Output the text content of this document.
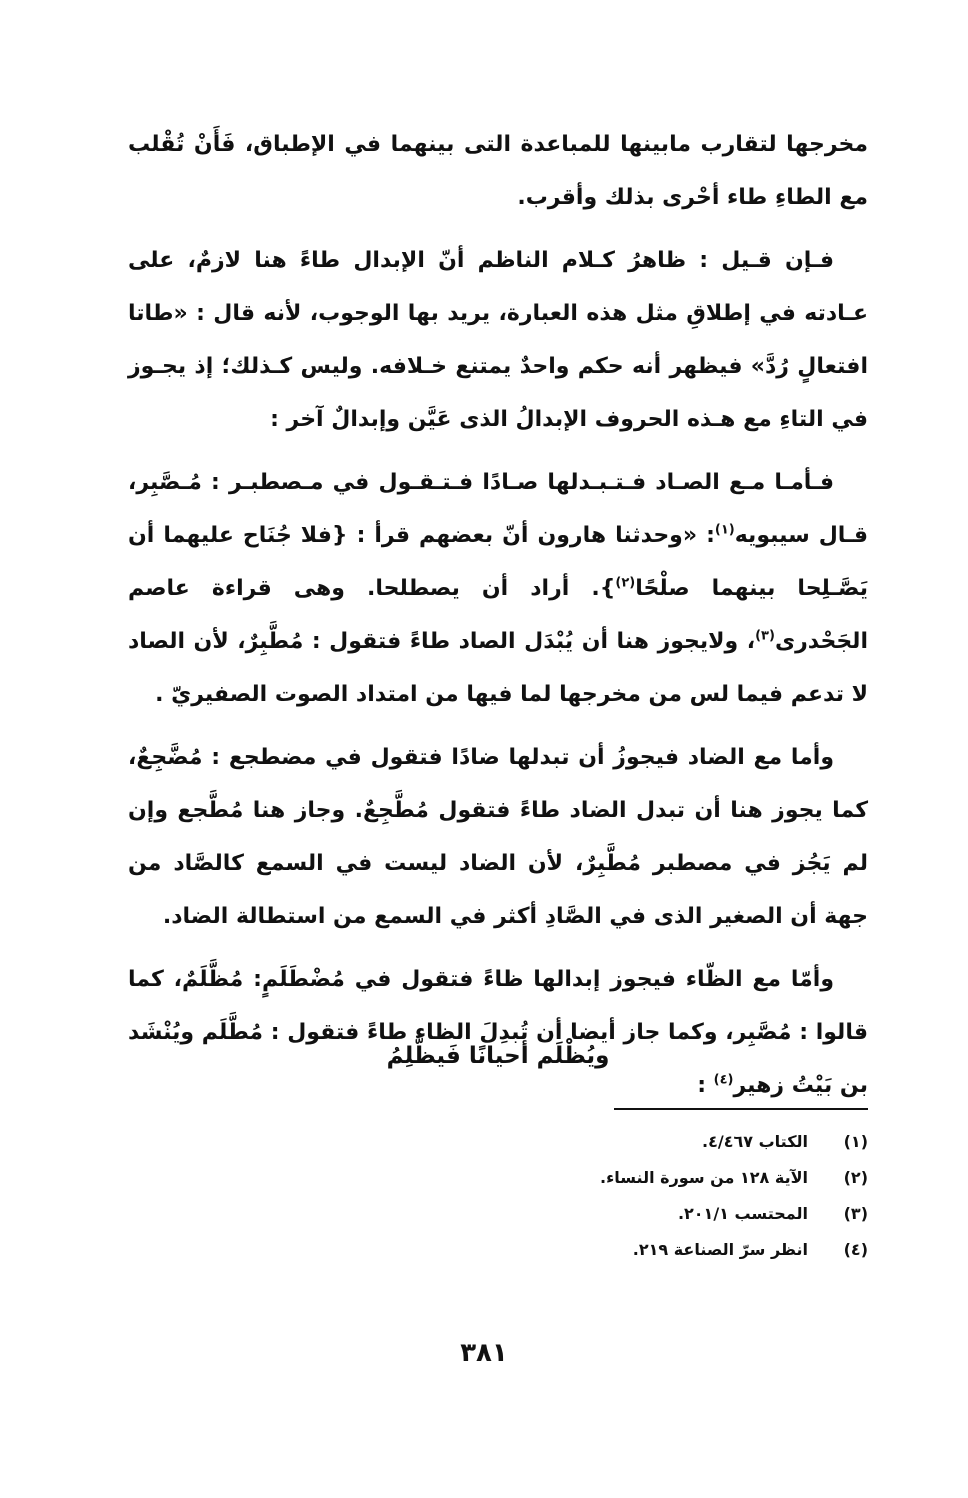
مخرجها لتقارب مابينها للمباعدة التى بينهما في الإطباق، فَأَنْ تُقْلب مع الطاءِ طاء أحْرى بذلك وأقرب.

فـإن قـيل : ظاهرُ كـلام الناظم أنّ الإبدال طاءً هنا لازمٌ، على عـادته في إطلاقِ مثل هذه العبارة، يريد بها الوجوب، لأنه قال : «طاتا افتعالٍ رُدَّ» فيظهر أنه حكم واحدٌ يمتنع خـلافه. وليس كـذلك؛ إذ يجـوز في التاءِ مع هـذه الحروف الإبدالُ الذى عَيَّن وإبدالٌ آخر :

فـأمـا مـع الصـاد فـتـبـدلها صـادًا فـتـقـول في مـصطبـر : مُـصَّبِر، قـال سيبويه$^{(١)}$: «وحدثنا هارون أنّ بعضهم قرأ : {فلا جُنَاح عليهما أن يَصَّـلِحا بينهما صلْحًا$^{(٢)}$}. أراد أن يصطلحا. وهى قراءة عاصم الجَحْدرى$^{(٣)}$، ولايجوز هنا أن يُبْدَل الصاد طاءً فتقول : مُطَّبِرٌ، لأن الصاد لا تدعم فيما لس من مخرجها لما فيها من امتداد الصوت الصفيريّ .

وأما مع الضاد فيجوزُ أن تبدلها ضادًا فتقول في مضطجع : مُضَّجِعٌ، كما يجوز هنا أن تبدل الضاد طاءً فتقول مُطَّجِعٌ. وجاز هنا مُطَّجع وإن لم يَجُز في مصطبر مُطَّبِرٌ، لأن الضاد ليست في السمع كالصَّاد من جهة أن الصغير الذى في الصَّادِ أكثر في السمع من استطالة الضاد.

وأمّا مع الظّاء فيجوز إبدالها ظاءً فتقول في مُضْطَلَمٍ: مُظَّلَمٌ، كما قالوا : مُصَّبِر، وكما جاز أيضا أن تُبدِلَ الظاء طاءً فتقول : مُطَّلَم ويُنْشَد بن بَيْتُ زهير$^{(٤)}$ :

ويُظْلَم أحيانًا فَيظَّلِمُ
(١)
الكتاب ٤/٤٦٧.
(٢)
الآية ١٢٨ من سورة النساء.
(٣)
المحتسب ٢٠١/١.
(٤)
انظر سرّ الصناعة ٢١٩.
٣٨١
